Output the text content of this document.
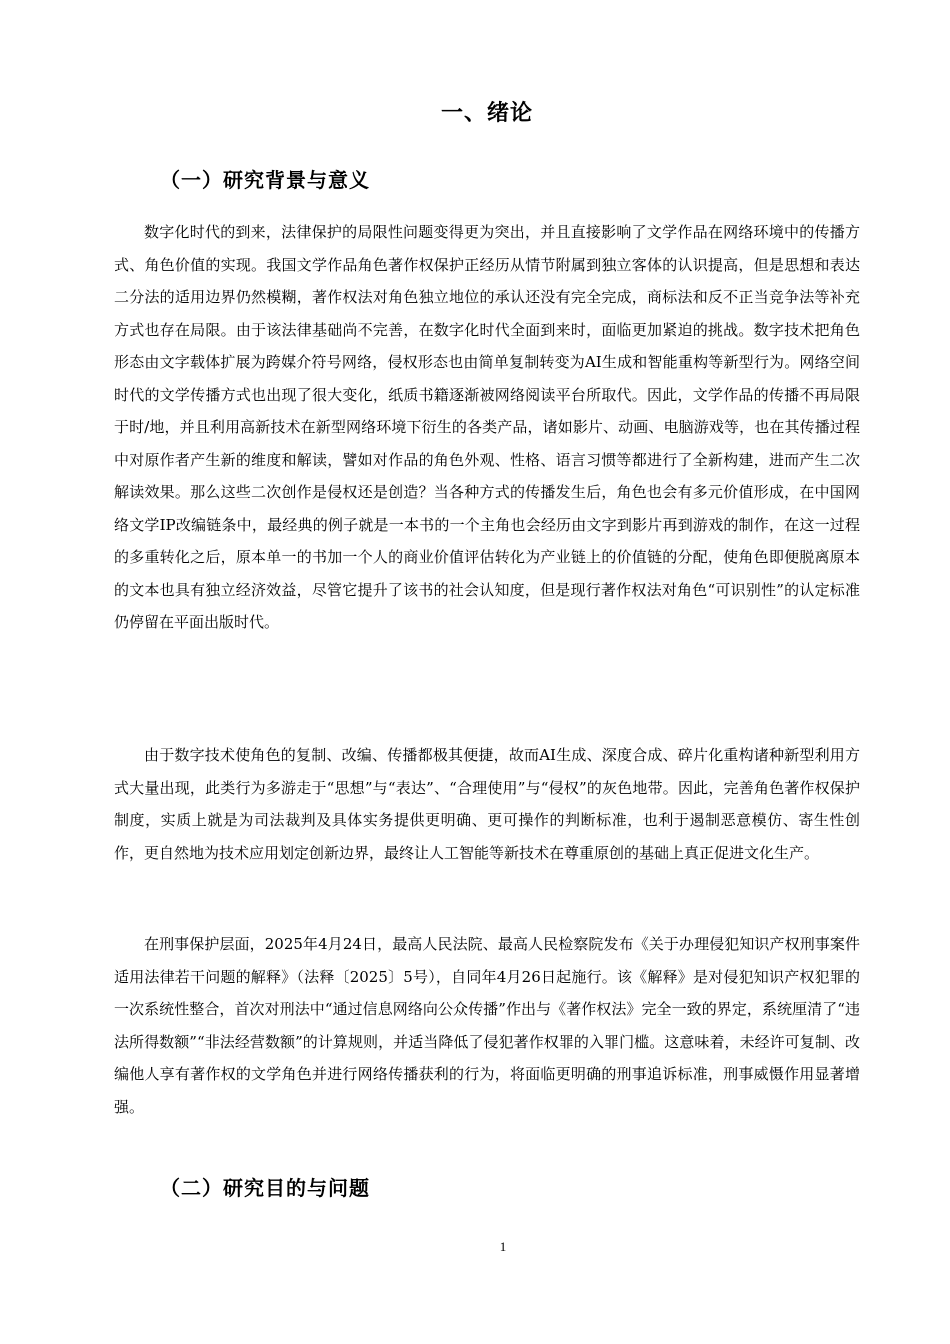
一、绪论
（一）研究背景与意义

数字化时代的到来，法律保护的局限性问题变得更为突出，并且直接影响了文学作品在网络环境中的传播方式、角色价值的实现。我国文学作品角色著作权保护正经历从情节附属到独立客体的认识提高，但是思想和表达二分法的适用边界仍然模糊，著作权法对角色独立地位的承认还没有完全完成，商标法和反不正当竞争法等补充方式也存在局限。由于该法律基础尚不完善，在数字化时代全面到来时，面临更加紧迫的挑战。数字技术把角色形态由文字载体扩展为跨媒介符号网络，侵权形态也由简单复制转变为AI生成和智能重构等新型行为。网络空间时代的文学传播方式也出现了很大变化，纸质书籍逐渐被网络阅读平台所取代。因此，文学作品的传播不再局限于时/地，并且利用高新技术在新型网络环境下衍生的各类产品，诸如影片、动画、电脑游戏等，也在其传播过程中对原作者产生新的维度和解读，譬如对作品的角色外观、性格、语言习惯等都进行了全新构建，进而产生二次解读效果。那么这些二次创作是侵权还是创造？当各种方式的传播发生后，角色也会有多元价值形成，在中国网络文学IP改编链条中，最经典的例子就是一本书的一个主角也会经历由文字到影片再到游戏的制作，在这一过程的多重转化之后，原本单一的书加一个人的商业价值评估转化为产业链上的价值链的分配，使角色即便脱离原本的文本也具有独立经济效益，尽管它提升了该书的社会认知度，但是现行著作权法对角色“可识别性”的认定标准仍停留在平面出版时代。

由于数字技术使角色的复制、改编、传播都极其便捷，故而AI生成、深度合成、碎片化重构诸种新型利用方式大量出现，此类行为多游走于“思想”与“表达”、“合理使用”与“侵权”的灰色地带。因此，完善角色著作权保护制度，实质上就是为司法裁判及具体实务提供更明确、更可操作的判断标准，也利于遏制恶意模仿、寄生性创作，更自然地为技术应用划定创新边界，最终让人工智能等新技术在尊重原创的基础上真正促进文化生产。

在刑事保护层面，2025年4月24日，最高人民法院、最高人民检察院发布《关于办理侵犯知识产权刑事案件适用法律若干问题的解释》（法释〔2025〕5号），自同年4月26日起施行。该《解释》是对侵犯知识产权犯罪的一次系统性整合，首次对刑法中“通过信息网络向公众传播”作出与《著作权法》完全一致的界定，系统厘清了“违法所得数额”“非法经营数额”的计算规则，并适当降低了侵犯著作权罪的入罪门槛。这意味着，未经许可复制、改编他人享有著作权的文学角色并进行网络传播获利的行为，将面临更明确的刑事追诉标准，刑事威慑作用显著增强。

（二）研究目的与问题
1
